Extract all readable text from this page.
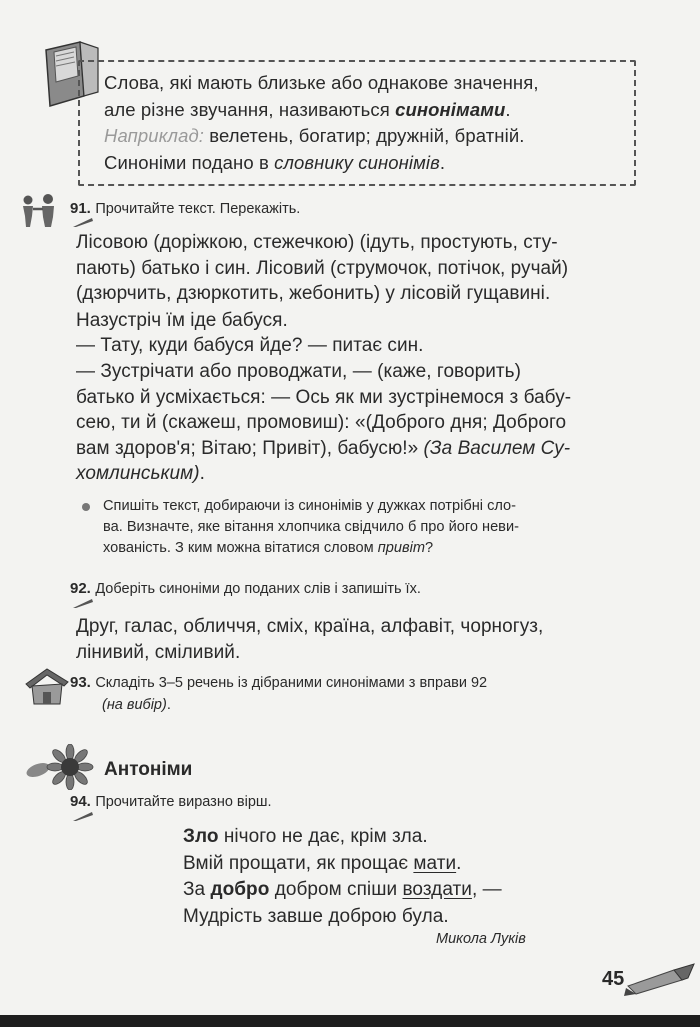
Слова, які мають близьке або однакове значення,
але різне звучання, називаються синонімами.
Наприклад: велетень, богатир; дружній, братній.
Синоніми подано в словнику синонімів.
91. Прочитайте текст. Перекажіть.
Лісовою (доріжкою, стежечкою) (ідуть, простують, сту-
пають) батько і син. Лісовий (струмочок, потічок, ручай)
(дзюрчить, дзюркотить, жебонить) у лісовій гущавині.
Назустріч їм іде бабуся.
— Тату, куди бабуся йде? — питає син.
— Зустрічати або проводжати, — (каже, говорить)
батько й усміхається: — Ось як ми зустрінемося з бабу-
сею, ти й (скажеш, промовиш): «(Доброго дня; Доброго
вам здоров'я; Вітаю; Привіт), бабусю!» (За Василем Су-
хомлинським).
Спишіть текст, добираючи із синонімів у дужках потрібні сло-
ва. Визначте, яке вітання хлопчика свідчило б про його неви-
хованість. З ким можна вітатися словом привіт?
92. Доберіть синоніми до поданих слів і запишіть їх.
Друг, галас, обличчя, сміх, країна, алфавіт, чорногуз,
лінивий, сміливий.
93. Складіть 3–5 речень із дібраними синонімами з вправи 92
(на вибір).
Антоніми
94. Прочитайте виразно вірш.
Зло нічого не дає, крім зла.
Вмій прощати, як прощає мати.
За добро добром спіши воздати, —
Мудрість завше доброю була.
Микола Луків
45
